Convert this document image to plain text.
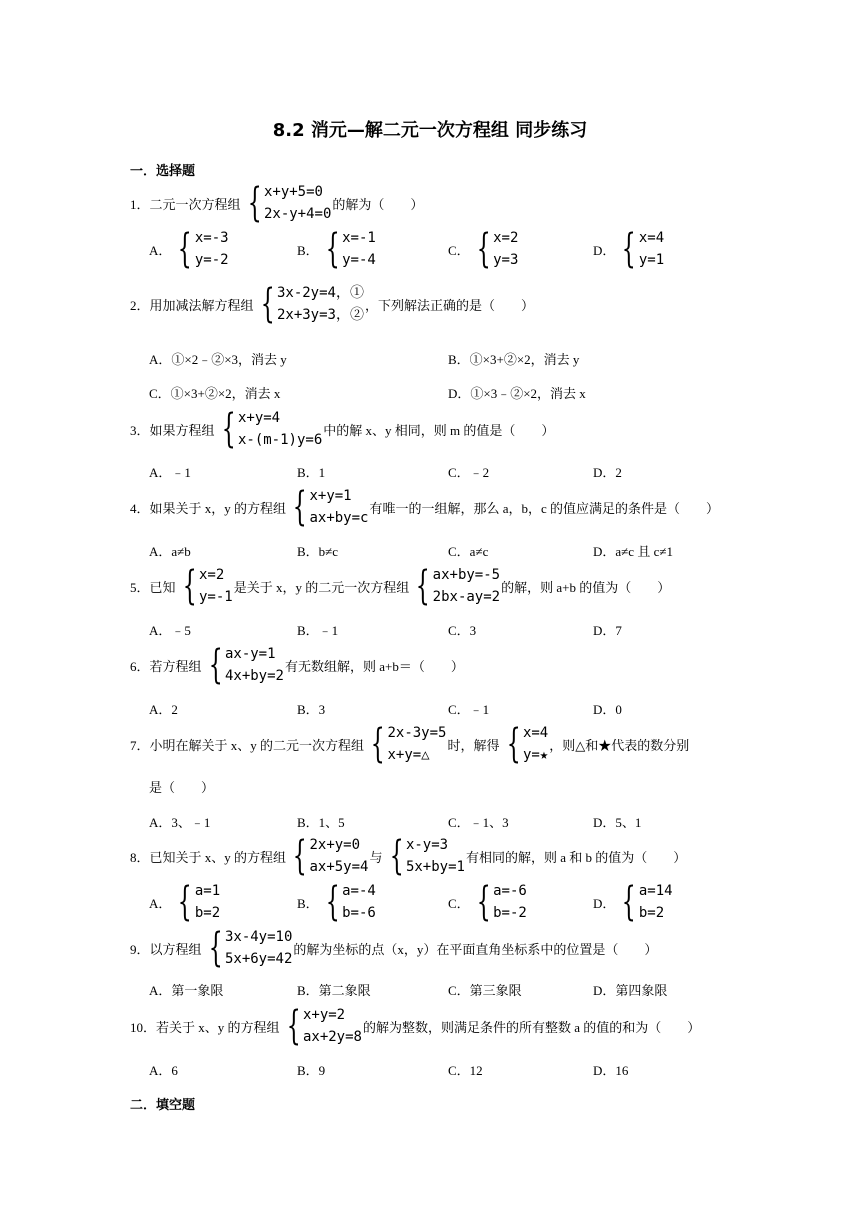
8.2 消元—解二元一次方程组 同步练习
一．选择题
1．二元一次方程组 { x+y+5=0
2x-y+4=0
的解为（　　）
A． { x=-3
y=-2
B． { x=-1
y=-4
C． { x=2
y=3
D． { x=4
y=1
2．用加减法解方程组 { 3x-2y=4，①
2x+3y=3，②
，下列解法正确的是（　　）
A．①×2﹣②×3，消去 y	B．①×3+②×2，消去 y
C．①×3+②×2，消去 x	D．①×3﹣②×2，消去 x
3．如果方程组 { x+y=4
x-(m-1)y=6
中的解 x、y 相同，则 m 的值是（　　）
A．﹣1	B．1	C．﹣2	D．2
4．如果关于 x，y 的方程组 { x+y=1
ax+by=c
有唯一的一组解，那么 a，b，c 的值应满足的条件是（　　）
A．a≠b	B．b≠c	C．a≠c	D．a≠c 且 c≠1
5．已知 { x=2
y=-1
是关于 x，y 的二元一次方程组 { ax+by=-5
2bx-ay=2
的解，则 a+b 的值为（　　）
A．﹣5	B．﹣1	C．3	D．7
6．若方程组 { ax-y=1
4x+by=2
有无数组解，则 a+b＝（　　）
A．2	B．3	C．﹣1	D．0
7．小明在解关于 x、y 的二元一次方程组 { 2x-3y=5
x+y=△
时，解得 { x=4
y=★
，则△和★代表的数分别
是（　　）
A．3、﹣1	B．1、5	C．﹣1、3	D．5、1
8．已知关于 x、y 的方程组 { 2x+y=0
ax+5y=4
与 { x-y=3
5x+by=1
有相同的解，则 a 和 b 的值为（　　）
A． { a=1
b=2
B． { a=-4
b=-6
C． { a=-6
b=-2
D． { a=14
b=2
9．以方程组 { 3x-4y=10
5x+6y=42
的解为坐标的点（x，y）在平面直角坐标系中的位置是（　　）
A．第一象限	B．第二象限	C．第三象限	D．第四象限
10．若关于 x、y 的方程组 { x+y=2
ax+2y=8
的解为整数，则满足条件的所有整数 a 的值的和为（　　）
A．6	B．9	C．12	D．16
二．填空题
